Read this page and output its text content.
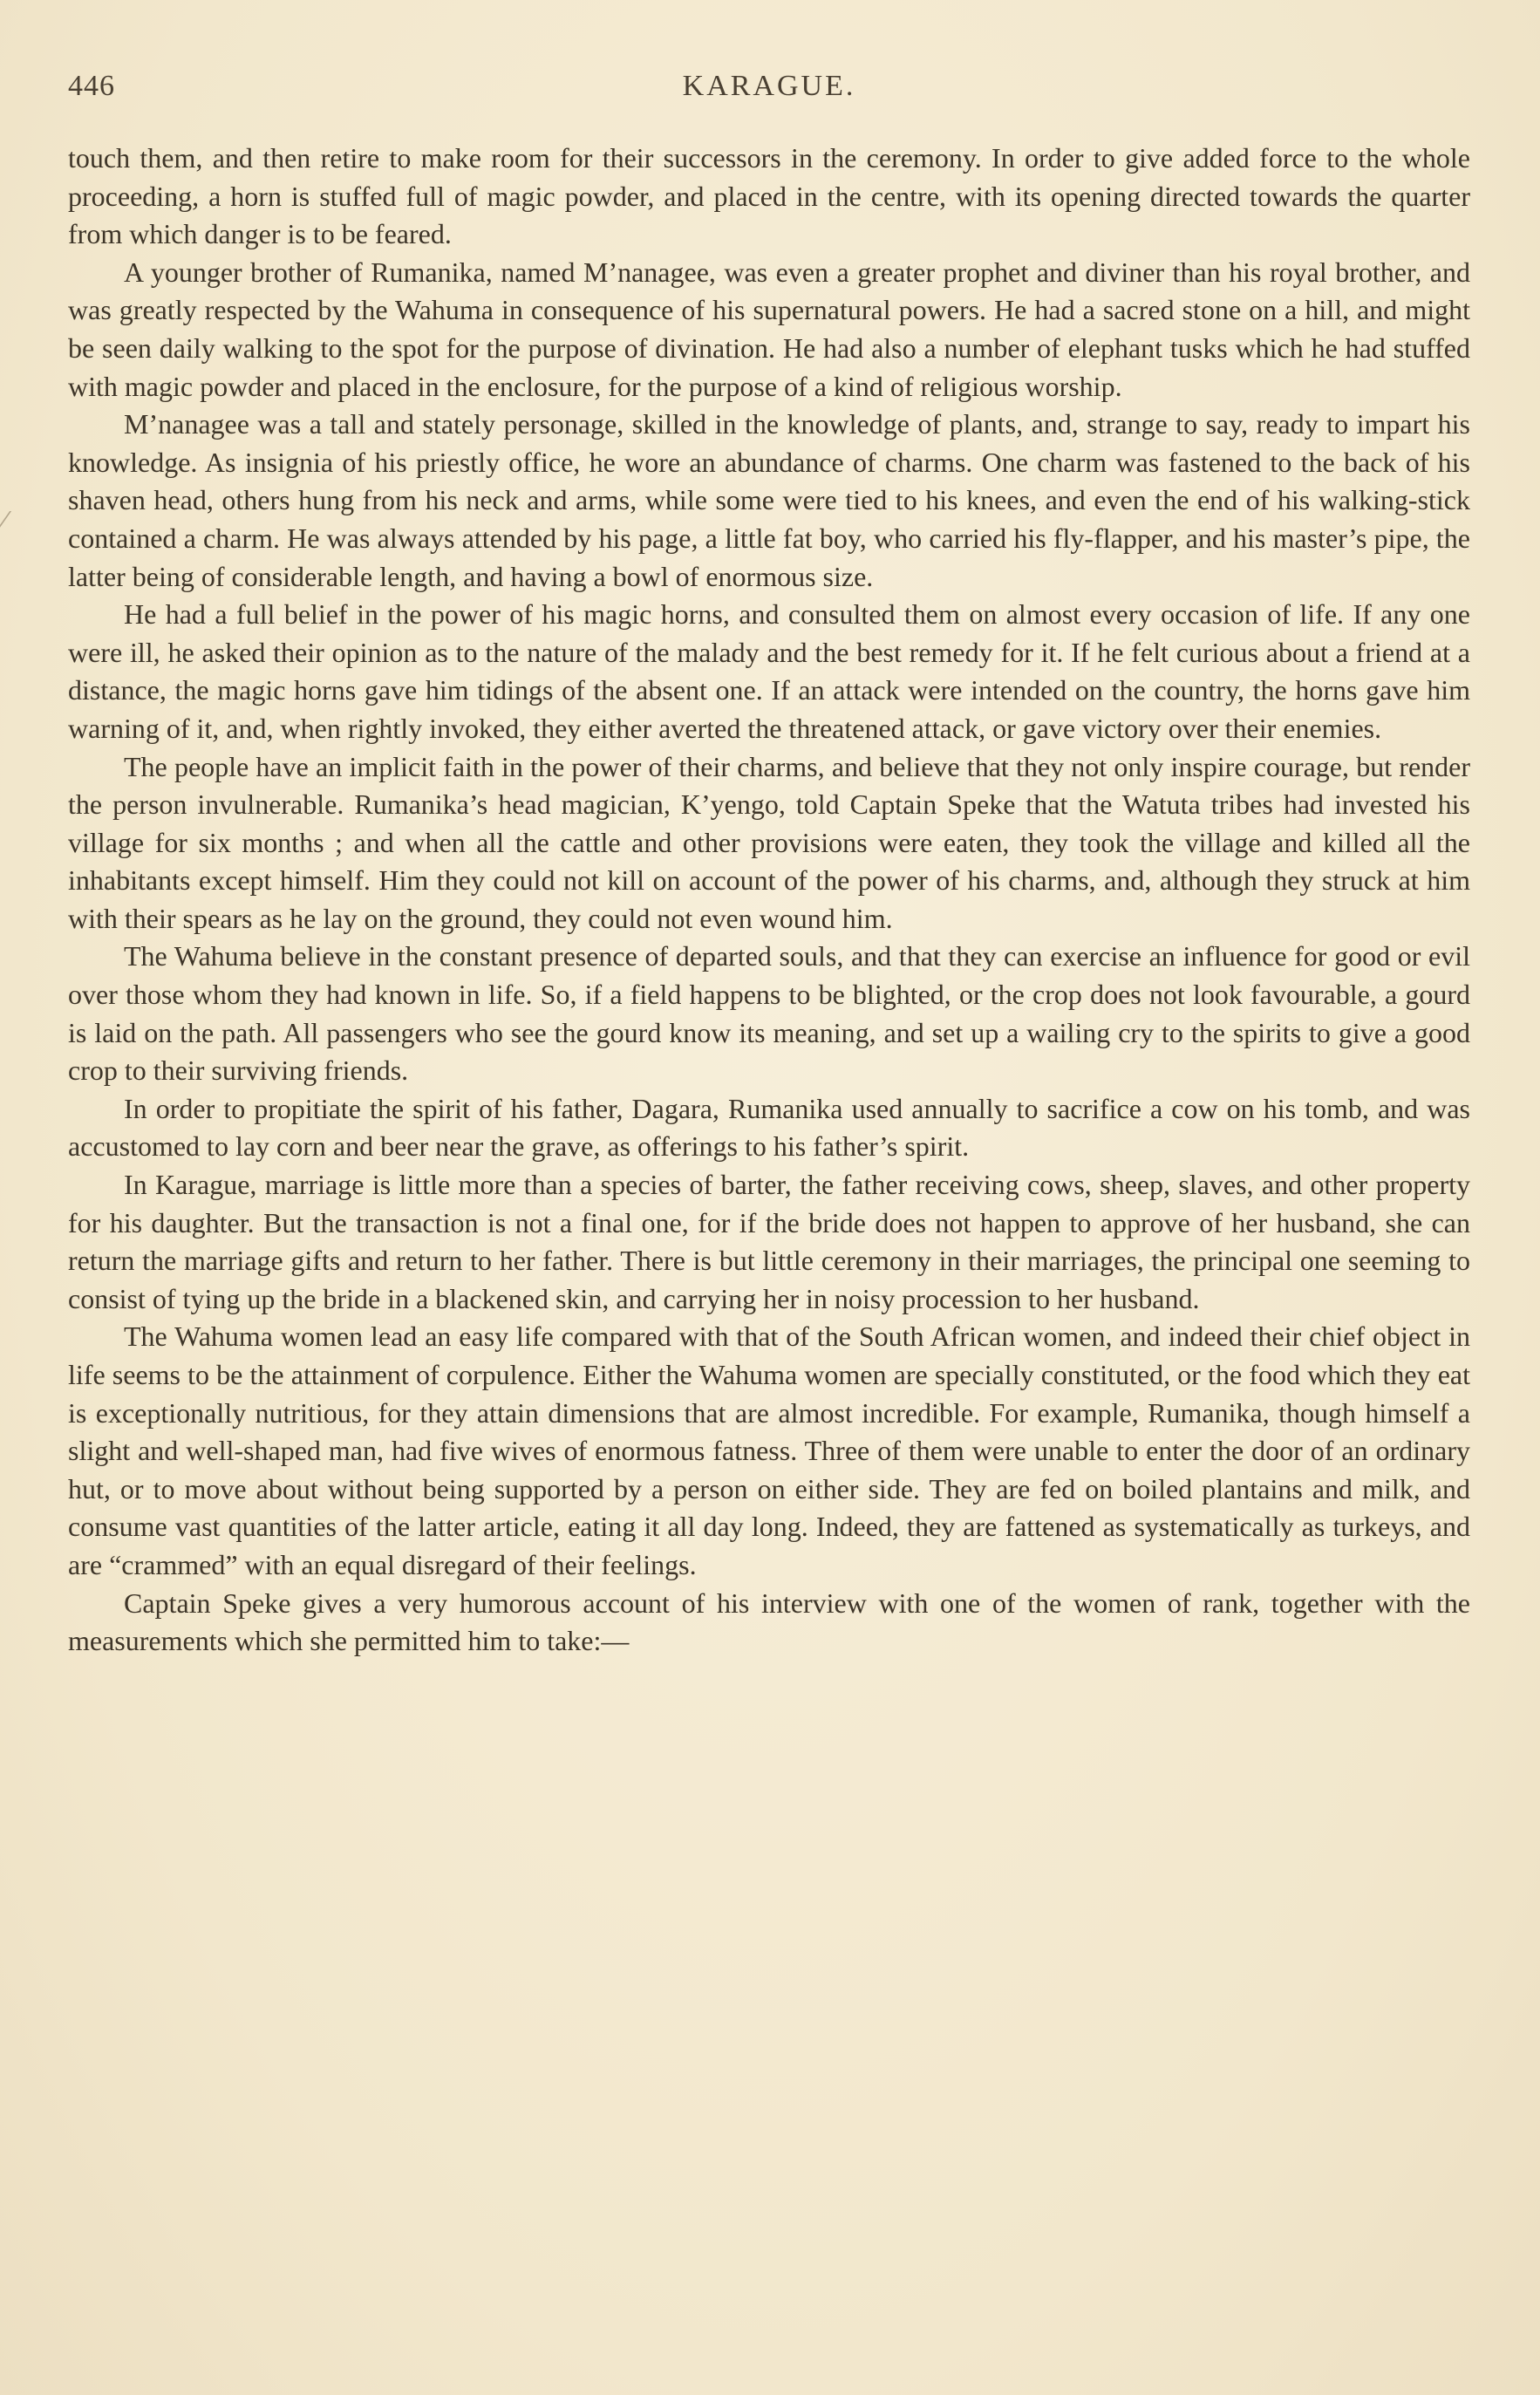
446	KARAGUE.

touch them, and then retire to make room for their successors in the ceremony. In order to give added force to the whole proceeding, a horn is stuffed full of magic powder, and placed in the centre, with its opening directed towards the quarter from which danger is to be feared.

A younger brother of Rumanika, named M’nanagee, was even a greater prophet and diviner than his royal brother, and was greatly respected by the Wahuma in consequence of his supernatural powers. He had a sacred stone on a hill, and might be seen daily walking to the spot for the purpose of divination. He had also a number of elephant tusks which he had stuffed with magic powder and placed in the enclosure, for the purpose of a kind of religious worship.

M’nanagee was a tall and stately personage, skilled in the knowledge of plants, and, strange to say, ready to impart his knowledge. As insignia of his priestly office, he wore an abundance of charms. One charm was fastened to the back of his shaven head, others hung from his neck and arms, while some were tied to his knees, and even the end of his walking-stick contained a charm. He was always attended by his page, a little fat boy, who carried his fly-flapper, and his master’s pipe, the latter being of considerable length, and having a bowl of enormous size.

He had a full belief in the power of his magic horns, and consulted them on almost every occasion of life. If any one were ill, he asked their opinion as to the nature of the malady and the best remedy for it. If he felt curious about a friend at a distance, the magic horns gave him tidings of the absent one. If an attack were intended on the country, the horns gave him warning of it, and, when rightly invoked, they either averted the threatened attack, or gave victory over their enemies.

The people have an implicit faith in the power of their charms, and believe that they not only inspire courage, but render the person invulnerable. Rumanika’s head magician, K’yengo, told Captain Speke that the Watuta tribes had invested his village for six months ; and when all the cattle and other provisions were eaten, they took the village and killed all the inhabitants except himself. Him they could not kill on account of the power of his charms, and, although they struck at him with their spears as he lay on the ground, they could not even wound him.

The Wahuma believe in the constant presence of departed souls, and that they can exercise an influence for good or evil over those whom they had known in life. So, if a field happens to be blighted, or the crop does not look favourable, a gourd is laid on the path. All passengers who see the gourd know its meaning, and set up a wailing cry to the spirits to give a good crop to their surviving friends.

In order to propitiate the spirit of his father, Dagara, Rumanika used annually to sacrifice a cow on his tomb, and was accustomed to lay corn and beer near the grave, as offerings to his father’s spirit.

In Karague, marriage is little more than a species of barter, the father receiving cows, sheep, slaves, and other property for his daughter. But the transaction is not a final one, for if the bride does not happen to approve of her husband, she can return the marriage gifts and return to her father. There is but little ceremony in their marriages, the principal one seeming to consist of tying up the bride in a blackened skin, and carrying her in noisy procession to her husband.

The Wahuma women lead an easy life compared with that of the South African women, and indeed their chief object in life seems to be the attainment of corpulence. Either the Wahuma women are specially constituted, or the food which they eat is exceptionally nutritious, for they attain dimensions that are almost incredible. For example, Rumanika, though himself a slight and well-shaped man, had five wives of enormous fatness. Three of them were unable to enter the door of an ordinary hut, or to move about without being supported by a person on either side. They are fed on boiled plantains and milk, and consume vast quantities of the latter article, eating it all day long. Indeed, they are fattened as systematically as turkeys, and are “crammed” with an equal disregard of their feelings.

Captain Speke gives a very humorous account of his interview with one of the women of rank, together with the measurements which she permitted him to take:—
